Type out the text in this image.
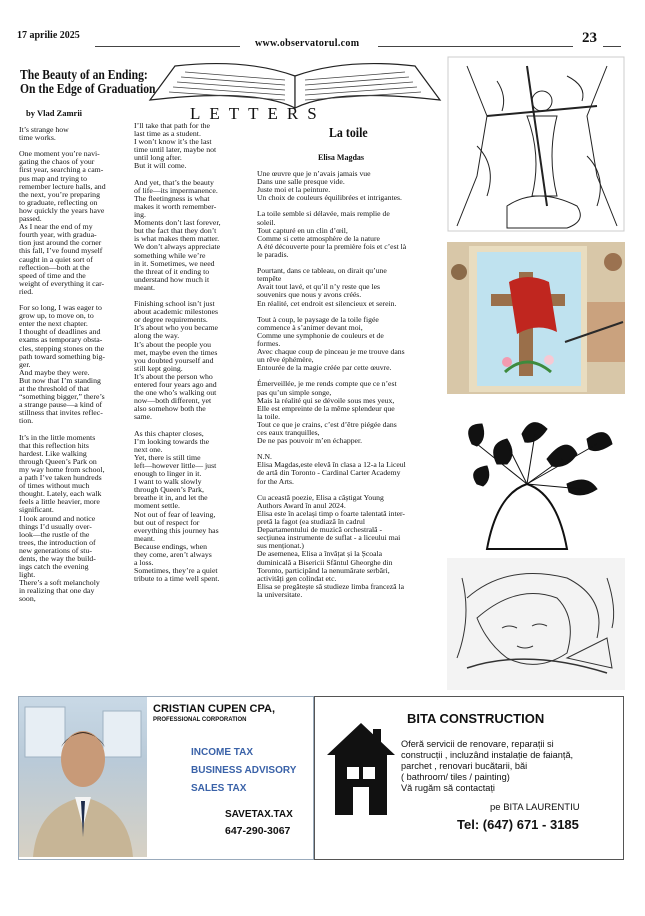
17 aprilie 2025
www.observatorul.com	23
The Beauty of an Ending:
On the Edge of Graduation
by Vlad Zamrii	LETTERS
It’s strange how
time works.

One moment you’re navi-
gating the chaos of your
first year, searching a cam-
pus map and trying to
remember lecture halls, and
the next, you’re preparing
to graduate, reflecting on
how quickly the years have
passed.
As I near the end of my
fourth year, with gradua-
tion just around the corner
this fall, I’ve found myself
caught in a quiet sort of
reflection—both at the
speed of time and the
weight of everything it car-
ried.

For so long, I was eager to
grow up, to move on, to
enter the next chapter.
I thought of deadlines and
exams as temporary obsta-
cles, stepping stones on the
path toward something big-
ger.
And maybe they were.
But now that I’m standing
at the threshold of that
“something bigger,” there’s
a strange pause—a kind of
stillness that invites reflec-
tion.

It’s in the little moments
that this reflection hits
hardest. Like walking
through Queen’s Park on
my way home from school,
a path I’ve taken hundreds
of times without much
thought. Lately, each walk
feels a little heavier, more
significant.
I look around and notice
things I’d usually over-
look—the rustle of the
trees, the introduction of
new generations of stu-
dents, the way the build-
ings catch the evening
light.
There’s a soft melancholy
in realizing that one day
soon,
I’ll take that path for the
last time as a student.
I won’t know it’s the last
time until later, maybe not
until long after.
But it will come.

And yet, that’s the beauty
of life—its impermanence.
The fleetingness is what
makes it worth remember-
ing.
Moments don’t last forever,
but the fact that they don’t
is what makes them matter.
We don’t always appreciate
something while we’re
in it. Sometimes, we need
the threat of it ending to
understand how much it
meant.

Finishing school isn’t just
about academic milestones
or degree requirements.
It’s about who you became
along the way.
It’s about the people you
met, maybe even the times
you doubted yourself and
still kept going.
It’s about the person who
entered four years ago and
the one who’s walking out
now—both different, yet
also somehow both the
same.

As this chapter closes,
I’m looking towards the
next one.
Yet, there is still time
left—however little— just
enough to linger in it.
I want to walk slowly
through Queen’s Park,
breathe it in, and let the
moment settle.
Not out of fear of leaving,
but out of respect for
everything this journey has
meant.
Because endings, when
they come, aren’t always
a loss.
Sometimes, they’re a quiet
tribute to a time well spent.
La toile
Elisa Magdas
Une œuvre que je n’avais jamais vue
Dans une salle presque vide.
Juste moi et la peinture.
Un choix de couleurs équilibrées et intrigantes.

La toile semble si délavée, mais remplie de
soleil.
Tout capturé en un clin d’œil,
Comme si cette atmosphère de la nature
A été découverte pour la première fois et c’est là
le paradis.

Pourtant, dans ce tableau, on dirait qu’une
tempête
Avait tout lavé, et qu’il n’y reste que les
souvenirs que nous y avons créés.
En réalité, cet endroit est silencieux et serein.

Tout à coup, le paysage de la toile figée
commence à s’animer devant moi,
Comme une symphonie de couleurs et de
formes.
Avec chaque coup de pinceau je me trouve dans
un rêve éphémère,
Entourée de la magie créée par cette œuvre.

Émerveillée, je me rends compte que ce n’est
pas qu’un simple songe,
Mais la réalité qui se dévoile sous mes yeux,
Elle est empreinte de la même splendeur que
la toile.
Tout ce que je crains, c’est d’être piégée dans
ces eaux tranquilles,
De ne pas pouvoir m’en échapper.

N.N.
Elisa Magdas,este elevă în clasa a 12-a la Liceul
de artă din Toronto - Cardinal Carter Academy
for the Arts.

Cu această poezie, Elisa a câștigat Young
Authors Award în anul 2024.
Elisa este în același timp o foarte talentată inter-
pretă la fagot (ea studiază în cadrul
Departamentului de muzică orchestrală -
secțiunea instrumente de suflat - a liceului mai
sus menționat.)
De asemenea, Elisa a învățat și la Școala
duminicală a Bisericii Sfântul Gheorghe din
Toronto, participând la nenumărate serbări,
activități gen colindat etc.
Elisa se pregătește să studieze limba franceză la
la universitate.
CRISTIAN CUPEN CPA,
PROFESSIONAL CORPORATION
INCOME TAX
BUSINESS ADVISORY
SALES TAX
SAVETAX.TAX
647-290-3067
BITA CONSTRUCTION
Oferă servicii de renovare, reparații si
construcții , incluzând instalație de faianță,
parchet , renovari bucătarii, băi
( bathroom/ tiles / painting)
Vă rugăm să contactați
pe BITA LAURENTIU
Tel: (647) 671 - 3185
